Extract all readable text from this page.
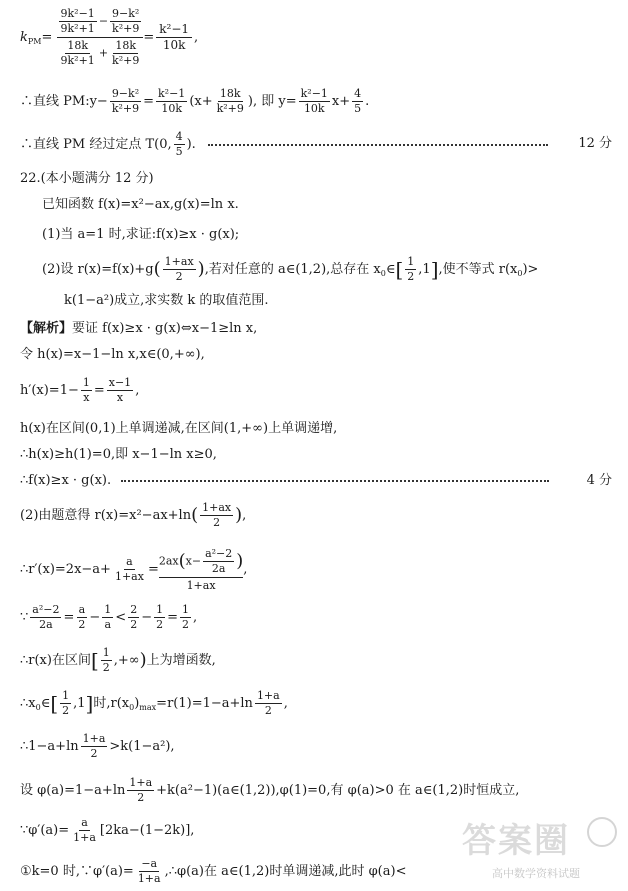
$k_{PM}= \frac{\frac{\text{9k²−1}}{\text{9k²+1}} - \frac{\text{9−k²}}{\text{k²+9}}}{\frac{18k}{\text{9k²+1}} + \frac{18k}{\text{k²+9}}} = \frac{\text{k²−1}}{10k}$ ,
∴直线 PM:y− $\frac{\text{9−k²}}{\text{k²+9}} = \frac{\text{k²−1}}{10k} (x+ \frac{18k}{\text{k²+9}}$ ), 即 $y= \frac{\text{k²−1}}{10k} x+ \frac{4}{5}$ .
∴直线 PM 经过定点 T(0, $\frac{4}{5}$ ).	12 分
22.(本小题满分 12 分)
已知函数 f(x)=x²−ax,g(x)=ln x.
(1)当 a=1 时,求证:f(x)≥x · g(x);
(2)设 $r(x)=f(x)+g( \frac{1+ax}{2}$ ),若对任意的 a∈(1,2),总存在 $x_0\in[ \frac{1}{2} ,1]$,使不等式 $r(x_0)>$
k(1−a²)成立,求实数 k 的取值范围.
【解析】要证 f(x)≥x · g(x)⇔x−1≥ln x,
令 h(x)=x−1−ln x,x∈(0,+∞),
$h'(x)=1- \frac{1}{x} = \frac{x-1}{x}$ ,
h(x)在区间(0,1)上单调递减,在区间(1,+∞)上单调递增,
∴h(x)≥h(1)=0,即 x−1−ln x≥0,
∴f(x)≥x · g(x).	4 分
(2)由题意得 $r(x)=x^2-ax+\ln( \frac{1+ax}{2}$ ),
∴r′(x)=2x−a+ $\frac{a}{1+ax} = \frac{2ax(x- \frac{\text{a²−2}}{2a} )}{1+ax}$ ,
∵ $\frac{\text{a²−2}}{2a} = \frac{a}{2} - \frac{1}{a} < \frac{2}{2} - \frac{1}{2} = \frac{1}{2}$ ,
∴r(x)在区间[ $\frac{1}{2}$ ,+∞)上为增函数,
$\therefore x_0\in[ \frac{1}{2} ,1]$时$,r(x_0)_{max}=r(1)=1-a+\ln \frac{1+a}{2}$ ,
∴1−a+ln $\frac{1+a}{2} >k(1-a^2)$,
设 $\varphi(a)=1-a+\ln \frac{1+a}{2}$ +k(a²−1)(a∈(1,2)),φ(1)=0,有 φ(a)>0 在 a∈(1,2)时恒成立,
∵φ′(a)= $\frac{a}{1+a} [2ka-(1-2k)]$,
①k=0 时,∵φ′(a)= $\frac{-a}{1+a}$ ,∴φ(a)在 a∈(1,2)时单调递减,此时 φ(a)<
答案圈
高中数学资料试题
